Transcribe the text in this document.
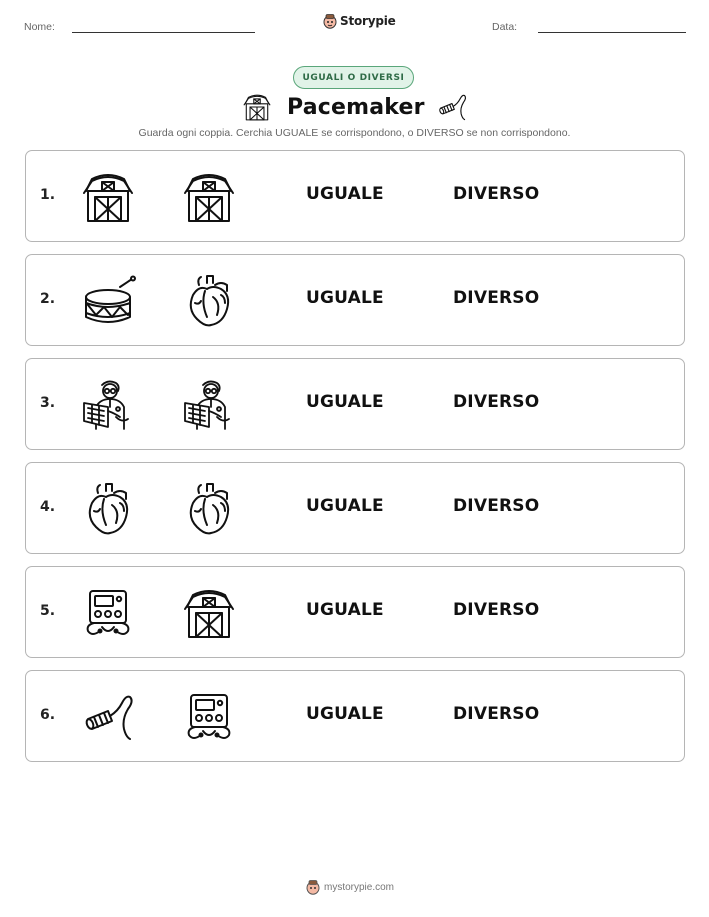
Nome:	Storypie	Data:
UGUALI O DIVERSI
Pacemaker
Guarda ogni coppia. Cerchia UGUALE se corrispondono, o DIVERSO se non corrispondono.
1.	UGUALE	DIVERSO
2.	UGUALE	DIVERSO
3.	UGUALE	DIVERSO
4.	UGUALE	DIVERSO
5.	UGUALE	DIVERSO
6.	UGUALE	DIVERSO
mystorypie.com
